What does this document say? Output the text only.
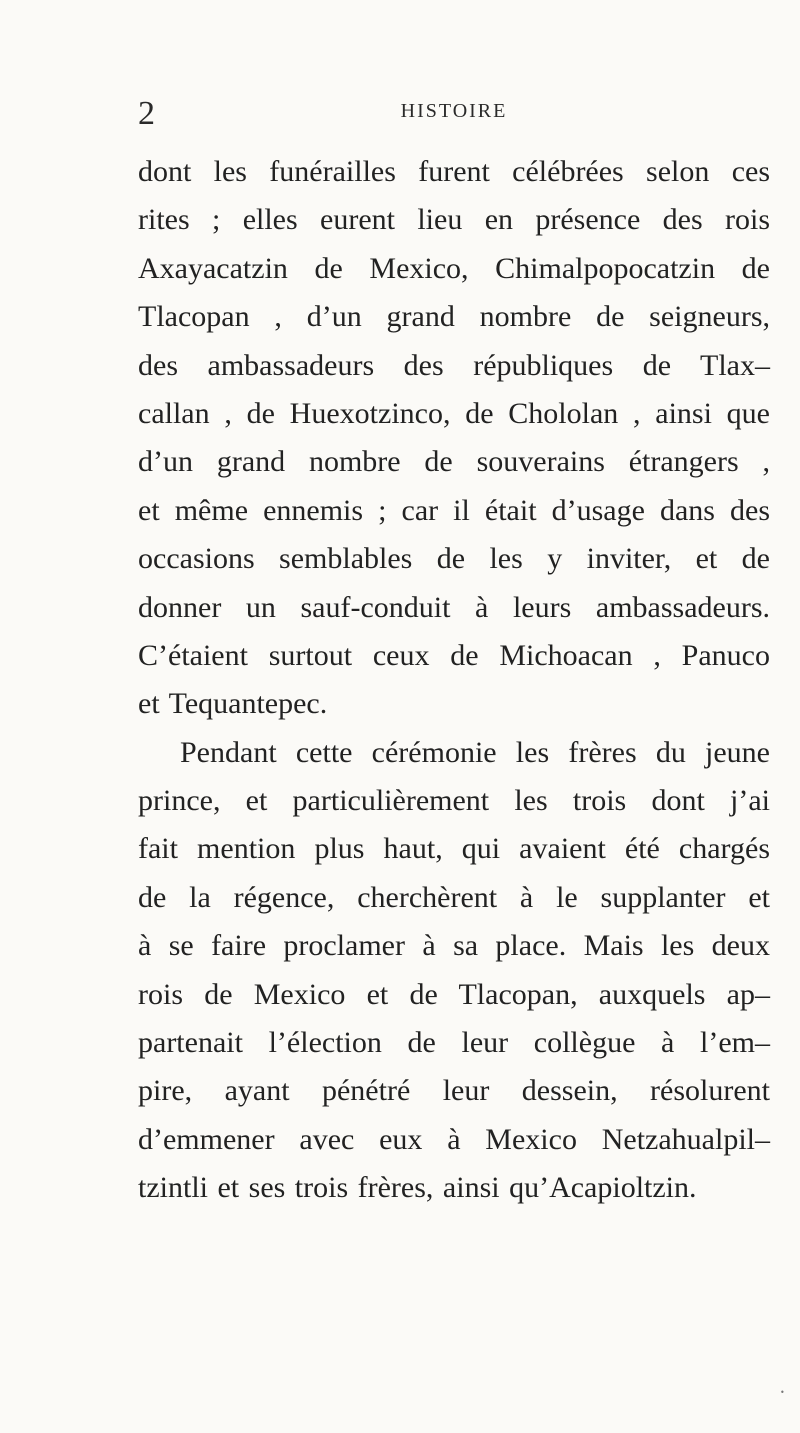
2	HISTOIRE
dont les funérailles furent célébrées selon ces
rites ; elles eurent lieu en présence des rois
Axayacatzin de Mexico, Chimalpopocatzin de
Tlacopan , d’un grand nombre de seigneurs,
des ambassadeurs des républiques de Tlax–
callan , de Huexotzinco, de Chololan , ainsi que
d’un grand nombre de souverains étrangers ,
et même ennemis ; car il était d’usage dans des
occasions semblables de les y inviter, et de
donner un sauf-conduit à leurs ambassadeurs.
C’étaient surtout ceux de Michoacan , Panuco
et Tequantepec.
Pendant cette cérémonie les frères du jeune
prince, et particulièrement les trois dont j’ai
fait mention plus haut, qui avaient été chargés
de la régence, cherchèrent à le supplanter et
à se faire proclamer à sa place. Mais les deux
rois de Mexico et de Tlacopan, auxquels ap–
partenait l’élection de leur collègue à l’em–
pire, ayant pénétré leur dessein, résolurent
d’emmener avec eux à Mexico Netzahualpil–
tzintli et ses trois frères, ainsi qu’Acapioltzin.
•
